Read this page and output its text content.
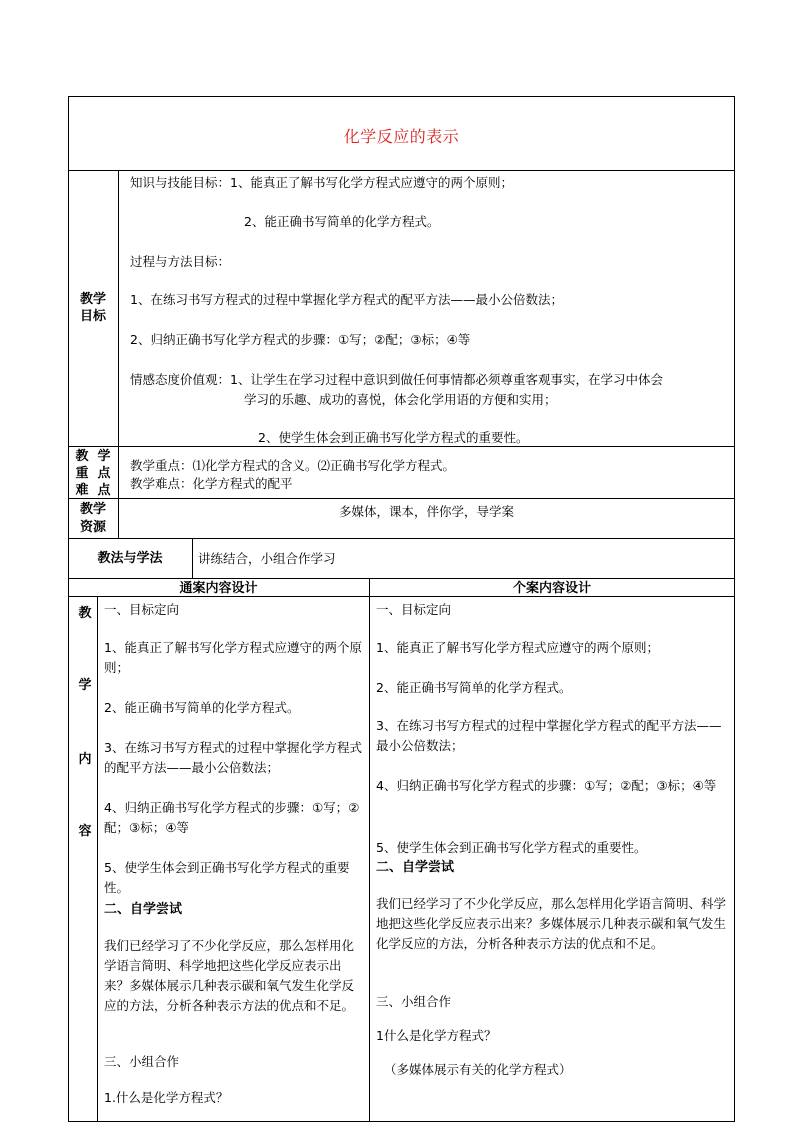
化学反应的表示
教学
目标
知识与技能目标：1、能真正了解书写化学方程式应遵守的两个原则；
2、能正确书写简单的化学方程式。
过程与方法目标：
1、在练习书写方程式的过程中掌握化学方程式的配平方法——最小公倍数法；
2、归纳正确书写化学方程式的步骤：①写；②配；③标；④等
情感态度价值观：1、让学生在学习过程中意识到做任何事情都必须尊重客观事实，在学习中体会
学习的乐趣、成功的喜悦，体会化学用语的方便和实用；
2、使学生体会到正确书写化学方程式的重要性。
教  学
重  点
难  点
教学重点：⑴化学方程式的含义。⑵正确书写化学方程式。
教学难点：化学方程式的配平
教学
资源
多媒体，课本，伴你学，导学案
教法与学法	讲练结合，小组合作学习
通案内容设计	个案内容设计
教
学
内
容
一、目标定向
1、能真正了解书写化学方程式应遵守的两个原则；
2、能正确书写简单的化学方程式。
3、在练习书写方程式的过程中掌握化学方程式的配平方法——最小公倍数法；
4、归纳正确书写化学方程式的步骤：①写；②配；③标；④等
5、使学生体会到正确书写化学方程式的重要性。
二、自学尝试
我们已经学习了不少化学反应，那么怎样用化学语言简明、科学地把这些化学反应表示出来？多媒体展示几种表示碳和氧气发生化学反应的方法，分析各种表示方法的优点和不足。
三、小组合作
1.什么是化学方程式？
一、目标定向
1、能真正了解书写化学方程式应遵守的两个原则；
2、能正确书写简单的化学方程式。
3、在练习书写方程式的过程中掌握化学方程式的配平方法——最小公倍数法；
4、归纳正确书写化学方程式的步骤：①写；②配；③标；④等
5、使学生体会到正确书写化学方程式的重要性。
二、自学尝试
我们已经学习了不少化学反应，那么怎样用化学语言简明、科学地把这些化学反应表示出来？多媒体展示几种表示碳和氧气发生化学反应的方法，分析各种表示方法的优点和不足。
三、小组合作
1什么是化学方程式？
（多媒体展示有关的化学方程式）
